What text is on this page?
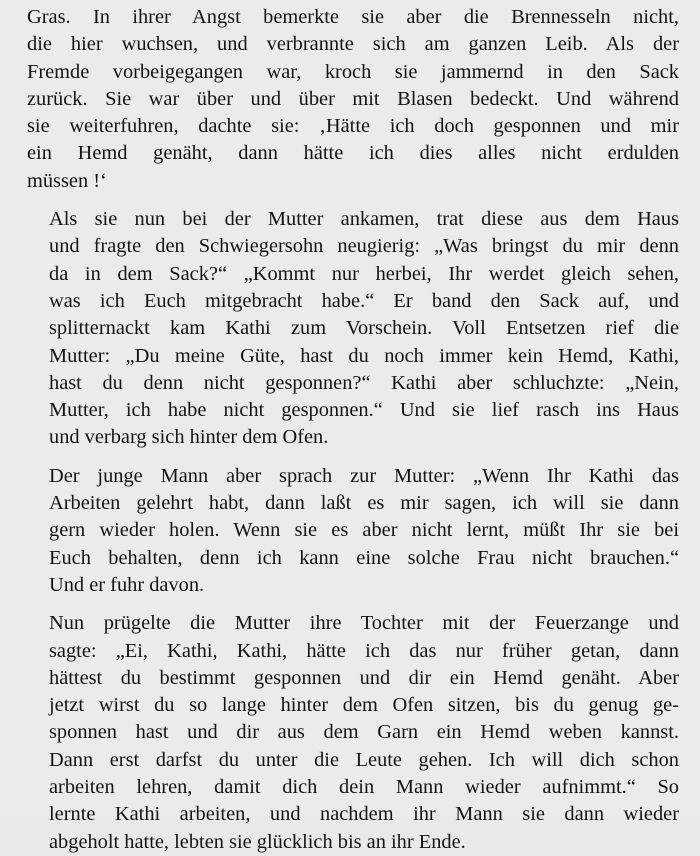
Gras. In ihrer Angst bemerkte sie aber die Brennesseln nicht,
die hier wuchsen, und verbrannte sich am ganzen Leib. Als der
Fremde vorbeigegangen war, kroch sie jammernd in den Sack
zurück. Sie war über und über mit Blasen bedeckt. Und während
sie weiterfuhren, dachte sie: ‚Hätte ich doch gesponnen und mir
ein Hemd genäht, dann hätte ich dies alles nicht erdulden
müssen !‘
Als sie nun bei der Mutter ankamen, trat diese aus dem Haus
und fragte den Schwiegersohn neugierig: „Was bringst du mir denn
da in dem Sack?“ „Kommt nur herbei, Ihr werdet gleich sehen,
was ich Euch mitgebracht habe.“ Er band den Sack auf, und
splitternackt kam Kathi zum Vorschein. Voll Entsetzen rief die
Mutter: „Du meine Güte, hast du noch immer kein Hemd, Kathi,
hast du denn nicht gesponnen?“ Kathi aber schluchzte: „Nein,
Mutter, ich habe nicht gesponnen.“ Und sie lief rasch ins Haus
und verbarg sich hinter dem Ofen.
Der junge Mann aber sprach zur Mutter: „Wenn Ihr Kathi das
Arbeiten gelehrt habt, dann laßt es mir sagen, ich will sie dann
gern wieder holen. Wenn sie es aber nicht lernt, müßt Ihr sie bei
Euch behalten, denn ich kann eine solche Frau nicht brauchen.“
Und er fuhr davon.
Nun prügelte die Mutter ihre Tochter mit der Feuerzange und
sagte: „Ei, Kathi, Kathi, hätte ich das nur früher getan, dann
hättest du bestimmt gesponnen und dir ein Hemd genäht. Aber
jetzt wirst du so lange hinter dem Ofen sitzen, bis du genug ge-
sponnen hast und dir aus dem Garn ein Hemd weben kannst.
Dann erst darfst du unter die Leute gehen. Ich will dich schon
arbeiten lehren, damit dich dein Mann wieder aufnimmt.“ So
lernte Kathi arbeiten, und nachdem ihr Mann sie dann wieder
abgeholt hatte, lebten sie glücklich bis an ihr Ende.
